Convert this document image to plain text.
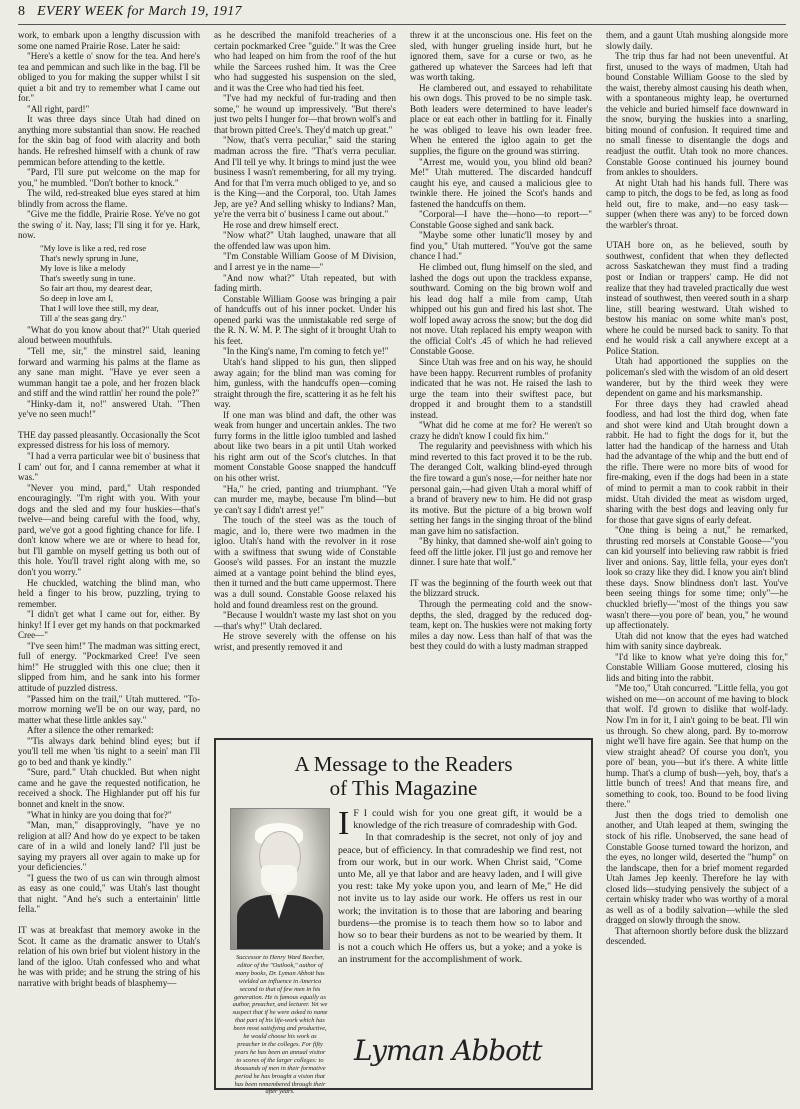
8 EVERY WEEK for March 19, 1917

work, to embark upon a lengthy discussion with some one named Prairie Rose. Later he said:

"Here's a kettle o' snow for the tea. And here's tea and pemmican and such like in the bag. I'll be obliged to you for making the supper whilst I sit quiet a bit and try to remember what I came out for."

"All right, pard!"

It was three days since Utah had dined on anything more substantial than snow. He reached for the skin bag of food with alacrity and both hands. He refreshed himself with a chunk of raw pemmican before attending to the kettle.

"Pard, I'll sure put welcome on the map for you," he mumbled. "Don't bother to knock."

The wild, red-streaked blue eyes stared at him blindly from across the flame.

"Give me the fiddle, Prairie Rose. Ye've no got the swing o' it. Nay, lass; I'll sing it for ye. Hark, now.

"My love is like a red, red rose
That's newly sprung in June,
My love is like a melody
That's sweetly sung in tune.
So fair art thou, my dearest dear,
So deep in love am I,
That I will love thee still, my dear,
Till a' the seas gang dry."

"What do you know about that?" Utah queried aloud between mouthfuls.

"Tell me, sir," the minstrel said, leaning forward and warming his palms at the flame as any sane man might. "Have ye ever seen a wumman hangit tae a pole, and her frozen black and stiff and the wind rattlin' her round the pole?"

"Hinky-dam it, no!" answered Utah. "Then ye've no seen much!"

THE day passed pleasantly. Occasionally the Scot expressed distress for his loss of memory.

"I had a verra particular wee bit o' business that I cam' out for, and I canna remember at what it was."

"Never you mind, pard," Utah responded encouragingly. "I'm right with you. With your dogs and the sled and my four huskies—that's twelve—and being careful with the food, why, pard, we've got a good fighting chance for life. I don't know where we are or where to head for, but I'll gamble on myself getting us both out of this hole. You'll travel right along with me, so don't you worry."

He chuckled, watching the blind man, who held a finger to his brow, puzzling, trying to remember.

"I didn't get what I came out for, either. By hinky! If I ever get my hands on that pockmarked Cree—"

"I've seen him!" The madman was sitting erect, full of energy. "Pockmarked Cree! I've seen him!" He struggled with this one clue; then it slipped from him, and he sank into his former attitude of puzzled distress.

"Passed him on the trail," Utah muttered. "To-morrow morning we'll be on our way, pard, no matter what these little ankles say."

After a silence the other remarked:

"'Tis always dark behind blind eyes; but if you'll tell me when 'tis night to a seein' man I'll go to bed and thank ye kindly."

"Sure, pard." Utah chuckled. But when night came and he gave the requested notification, he received a shock. The Highlander put off his fur bonnet and knelt in the snow.

"What in hinky are you doing that for?"

"Man, man," disapprovingly, "have ye no religion at all? And how do ye expect to be taken care of in a wild and lonely land? I'll just be saying my prayers all over again to make up for your deficiencies."

"I guess the two of us can win through almost as easy as one could," was Utah's last thought that night. "And he's such a entertainin' little fella."

IT was at breakfast that memory awoke in the Scot. It came as the dramatic answer to Utah's relation of his own brief but violent history in the land of the igloo. Utah confessed who and what he was with pride; and he strung the string of his narrative with bright beads of blasphemy—

as he described the manifold treacheries of a certain pockmarked Cree "guide." It was the Cree who had leaped on him from the roof of the hut while the Sarcees rushed him. It was the Cree who had suggested his suspension on the sled, and it was the Cree who had tied his feet.

"I've had my neckful of fur-trading and then some," he wound up impressively. "But there's just two pelts I hunger for—that brown wolf's and that brown pitted Cree's. They'd match up great."

"Now, that's verra peculiar," said the staring madman across the fire. "That's verra peculiar. And I'll tell ye why. It brings to mind just the wee business I wasn't remembering, for all my trying. And for that I'm verra much obliged to ye, and so is the King—and the Corporal, too. Utah James Jep, are ye? And selling whisky to Indians? Man, ye're the verra bit o' business I came out about."

He rose and drew himself erect.

"Now what?" Utah laughed, unaware that all the offended law was upon him.

"I'm Constable William Goose of M Division, and I arrest ye in the name—"

"And now what?" Utah repeated, but with fading mirth.

Constable William Goose was bringing a pair of handcuffs out of his inner pocket. Under his opened parki was the unmistakable red serge of the R. N. W. M. P. The sight of it brought Utah to his feet.

"In the King's name, I'm coming to fetch ye!"

Utah's hand slipped to his gun, then slipped away again; for the blind man was coming for him, gunless, with the handcuffs open—coming straight through the fire, scattering it as he felt his way.

If one man was blind and daft, the other was weak from hunger and uncertain ankles. The two furry forms in the little igloo tumbled and lashed about like two bears in a pit until Utah worked his right arm out of the Scot's clutches. In that moment Constable Goose snapped the handcuff on his other wrist.

"Ha," he cried, panting and triumphant. "Ye can murder me, maybe, because I'm blind—but ye can't say I didn't arrest ye!"

The touch of the steel was as the touch of magic, and lo, there were two madmen in the igloo. Utah's hand with the revolver in it rose with a swiftness that swung wide of Constable Goose's wild passes. For an instant the muzzle aimed at a vantage point behind the blind eyes, then it turned and the butt came uppermost. There was a dull sound. Constable Goose relaxed his hold and found dreamless rest on the ground.

"Because I wouldn't waste my last shot on you—that's why!" Utah declared.

He strove severely with the offense on his wrist, and presently removed it and

threw it at the unconscious one. His feet on the sled, with hunger grueling inside hurt, but he ignored them, save for a curse or two, as he gathered up whatever the Sarcees had left that was worth taking.

He clambered out, and essayed to rehabilitate his own dogs. This proved to be no simple task. Both leaders were determined to have leader's place or eat each other in battling for it. Finally he was obliged to leave his own leader free. When he entered the igloo again to get the supplies, the figure on the ground was stirring.

"Arrest me, would you, you blind old bean? Me!" Utah muttered. The discarded handcuff caught his eye, and caused a malicious glee to twinkle there. He joined the Scot's hands and fastened the handcuffs on them.

"Corporal—I have the—hono—to report—" Constable Goose sighed and sank back.

"Maybe some other lunatic'll mosey by and find you," Utah muttered. "You've got the same chance I had."

He climbed out, flung himself on the sled, and lashed the dogs out upon the trackless expanse, southward. Coming on the big brown wolf and his lead dog half a mile from camp, Utah whipped out his gun and fired his last shot. The wolf loped away across the snow; but the dog did not move. Utah replaced his empty weapon with the official Colt's .45 of which he had relieved Constable Goose.

Since Utah was free and on his way, he should have been happy. Recurrent rumbles of profanity indicated that he was not. He raised the lash to urge the team into their swiftest pace, but dropped it and brought them to a standstill instead.

"What did he come at me for? He weren't so crazy he didn't know I could fix him."

The regularity and peevishness with which his mind reverted to this fact proved it to be the rub. The deranged Colt, walking blind-eyed through the fire toward a gun's nose,—for neither hate nor personal gain,—had given Utah a moral whiff of a brand of bravery new to him. He did not grasp its motive. But the picture of a big brown wolf setting her fangs in the singing throat of the blind man gave him no satisfaction.

"By hinky, that damned she-wolf ain't going to feed off the little joker. I'll just go and remove her dinner. I sure hate that wolf."

IT was the beginning of the fourth week out that the blizzard struck.

Through the permeating cold and the snow-depths, the sled, dragged by the reduced dog-team, kept on. The huskies were not making forty miles a day now. Less than half of that was the best they could do with a lusty madman strapped

them, and a gaunt Utah mushing alongside more slowly daily.

The trip thus far had not been uneventful. At first, unused to the ways of madmen, Utah had bound Constable William Goose to the sled by the waist, thereby almost causing his death when, with a spontaneous mighty leap, he overturned the vehicle and buried himself face downward in the snow, burying the huskies into a snarling, biting mound of confusion. It required time and no small finesse to disentangle the dogs and readjust the outfit. Utah took no more chances. Constable Goose continued his journey bound from ankles to shoulders.

At night Utah had his hands full. There was camp to pitch, the dogs to be fed, as long as food held out, fire to make, and—no easy task—supper (when there was any) to be forced down the warbler's throat.

UTAH bore on, as he believed, south by southwest, confident that when they deflected across Saskatchewan they must find a trading post or Indian or trappers' camp. He did not realize that they had traveled practically due west instead of southwest, then veered south in a sharp line, still bearing westward. Utah wished to bestow his maniac on some white man's post, where he could be nursed back to sanity. To that end he would risk a call anywhere except at a Police Station.

Utah had apportioned the supplies on the policeman's sled with the wisdom of an old desert wanderer, but by the third week they were dependent on game and his marksmanship.

For three days they had crawled ahead foodless, and had lost the third dog, when fate and shot were kind and Utah brought down a rabbit. He had to fight the dogs for it, but the latter had the handicap of the harness and Utah had the advantage of the whip and the butt end of the rifle. There were no more bits of wood for fire-making, even if the dogs had been in a state of mind to permit a man to cook rabbit in their midst. Utah divided the meat as wisdom urged, sharing with the best dogs and leaving only fur for those that gave signs of early defeat.

"One thing is being a nut," he remarked, thrusting red morsels at Constable Goose—"you can kid yourself into believing raw rabbit is fried liver and onions. Say, little fella, your eyes don't look so crazy like they did. I know you ain't blind these days. Snow blindness don't last. You've been seeing things for some time; only"—he chuckled briefly—"most of the things you saw wasn't there—you pore ol' bean, you," he wound up affectionately.

Utah did not know that the eyes had watched him with sanity since daybreak.

"I'd like to know what ye're doing this for," Constable William Goose muttered, closing his lids and biting into the rabbit.

"Me too," Utah concurred. "Little fella, you got wished on me—on account of me having to block that wolf. I'd grown to dislike that wolf-lady. Now I'm in for it, I ain't going to be beat. I'll win us through. So chew along, pard. By to-morrow night we'll have fire again. See that hump on the view straight ahead? Of course you don't, you pore ol' bean, you—but it's there. A white little hump. That's a clump of bush—yeh, boy, that's a little bunch of trees! And that means fire, and something to cook, too. Bound to be food living there."

Just then the dogs tried to demolish one another, and Utah leaped at them, swinging the stock of his rifle. Unobserved, the sane head of Constable Goose turned toward the horizon, and the eyes, no longer wild, deserted the "hump" on the landscape, then for a brief moment regarded Utah James Jep keenly. Therefore he lay with closed lids—studying pensively the subject of a certain whisky trader who was worthy of a moral as well as of a bodily salvation—while the sled dragged on slowly through the snow.

That afternoon shortly before dusk the blizzard descended.

A Message to the Readers
of This Magazine
Successor to Henry Ward Beecher, editor of the "Outlook," author of many books, Dr. Lyman Abbott has wielded an influence in America second to that of few men in his generation. He is famous equally as author, preacher, and lecturer. Yet we suspect that if he were asked to name that part of his life-work which has been most satisfying and productive, he would choose his work as preacher in the colleges. For fifty years he has been an annual visitor to scores of the larger colleges: to thousands of men in their formative period he has brought a vision that has been remembered through their after years.

I F I could wish for you one great gift, it would be a knowledge of the rich treasure of comradeship with God.

In that comradeship is the secret, not only of joy and peace, but of efficiency. In that comradeship we find rest, not from our work, but in our work. When Christ said, "Come unto Me, all ye that labor and are heavy laden, and I will give you rest: take My yoke upon you, and learn of Me," He did not invite us to lay aside our work. He offers us rest in our work; the invitation is to those that are laboring and bearing burdens—the promise is to teach them how so to labor and how so to bear their burdens as not to be wearied by them. It is not a couch which He offers us, but a yoke; and a yoke is an instrument for the accomplishment of work.

Lyman Abbott
